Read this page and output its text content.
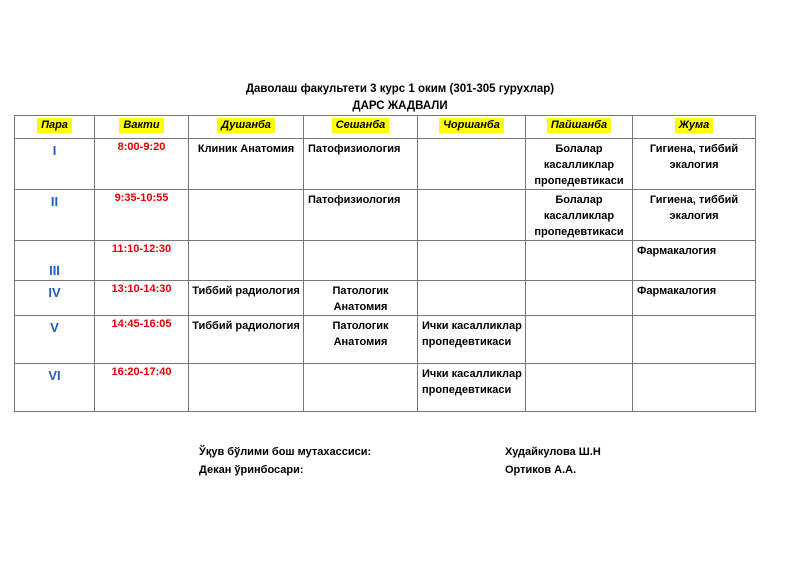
Даволаш факультети 3 курс 1 оким (301-305 гурухлар)
ДАРС ЖАДВАЛИ
Пара	Вакти	Душанба	Сешанба	Чоршанба	Пайшанба	Жума

I	8:00-9:20	Клиник Анатомия	Патофизиология		Болалар касалликлар пропедевтикаси	Гигиена, тиббий экалогия

II	9:35-10:55		Патофизиология		Болалар касалликлар пропедевтикаси	Гигиена, тиббий экалогия

III	11:10-12:30					Фармакалогия

IV	13:10-14:30	Тиббий радиология	Патологик Анатомия			Фармакалогия

V	14:45-16:05	Тиббий радиология	Патологик Анатомия	Ички касалликлар пропедевтикаси		

VI	16:20-17:40			Ички касалликлар пропедевтикаси		

Ўқув бўлими бош мутахассиси:	Худайкулова Ш.Н
Декан ўринбосари:	Ортиков А.А.
